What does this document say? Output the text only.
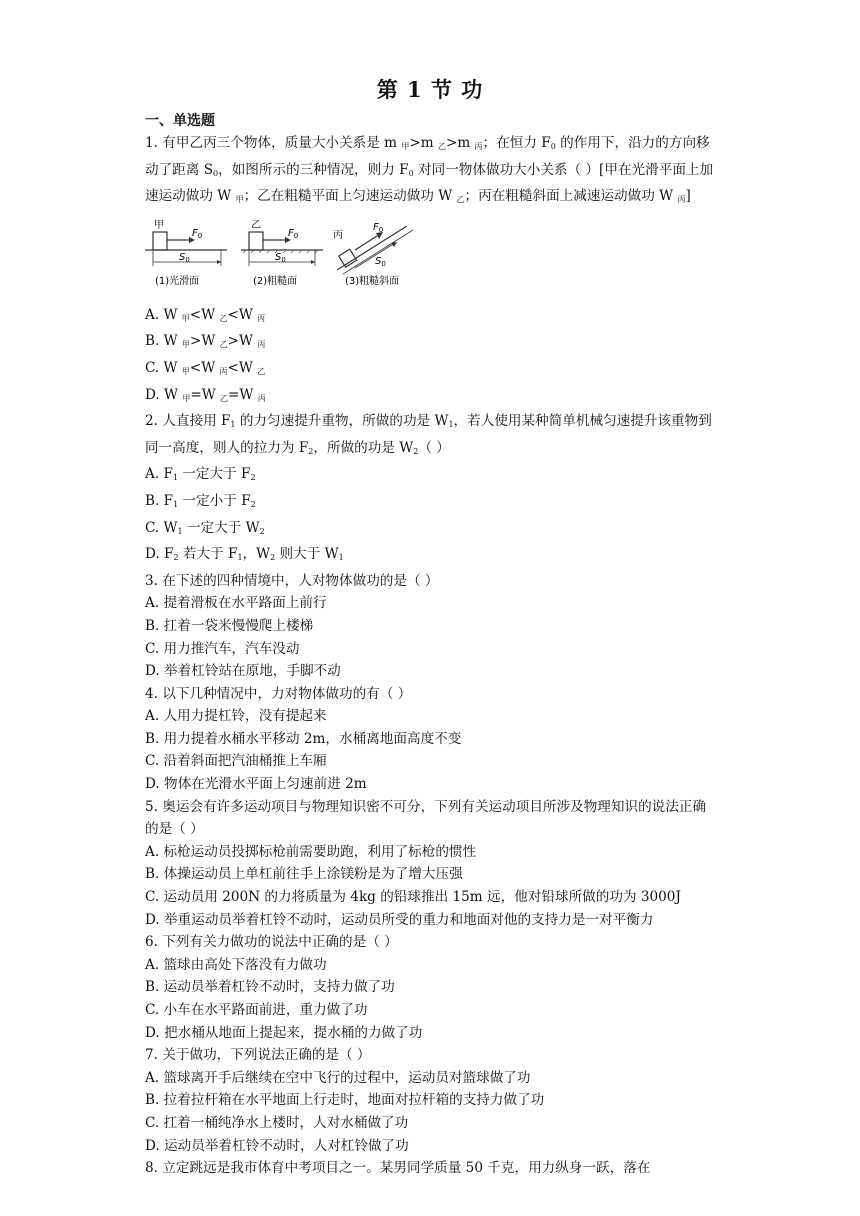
第 1 节 功
一、单选题

1. 有甲乙丙三个物体，质量大小关系是 m $_甲$>m $_乙$>m $_丙$；在恒力 $F_0$ 的作用下，沿力的方向移动了距离 $S_0$，如图所示的三种情况，则力 $F_0$ 对同一物体做功大小关系（ ）[甲在光滑平面上加速运动做功 W $_甲$；乙在粗糙平面上匀速运动做功 W $_乙$；丙在粗糙斜面上减速运动做功 W $_丙$]

甲
$F_0$
$S_0$
(1)光滑面
乙
$F_0$
$S_0$
(2)粗糙面
丙
$F_0$
$S_0$
(3)粗糙斜面

A. W $_甲$<W $_乙$<W $_丙$

B. W $_甲$>W $_乙$>W $_丙$

C. W $_甲$<W $_丙$<W $_乙$

D. W $_甲$=W $_乙$=W $_丙$

2. 人直接用 $F_1$ 的力匀速提升重物，所做的功是 $W_1$，若人使用某种简单机械匀速提升该重物到同一高度，则人的拉力为 $F_2$，所做的功是 $W_2$（ ）

A. $F_1$ 一定大于 $F_2$

B. $F_1$ 一定小于 $F_2$

C. $W_1$ 一定大于 $W_2$

D. $F_2$ 若大于 $F_1$，$W_2$ 则大于 $W_1$

3. 在下述的四种情境中，人对物体做功的是（ ）

A. 提着滑板在水平路面上前行

B. 扛着一袋米慢慢爬上楼梯

C. 用力推汽车，汽车没动

D. 举着杠铃站在原地，手脚不动

4. 以下几种情况中，力对物体做功的有（ ）

A. 人用力提杠铃，没有提起来

B. 用力提着水桶水平移动 2m，水桶离地面高度不变

C. 沿着斜面把汽油桶推上车厢

D. 物体在光滑水平面上匀速前进 2m

5. 奥运会有许多运动项目与物理知识密不可分，下列有关运动项目所涉及物理知识的说法正确的是（ ）

A. 标枪运动员投掷标枪前需要助跑，利用了标枪的惯性

B. 体操运动员上单杠前往手上涂镁粉是为了增大压强

C. 运动员用 200N 的力将质量为 4kg 的铅球推出 15m 远，他对铅球所做的功为 3000J

D. 举重运动员举着杠铃不动时，运动员所受的重力和地面对他的支持力是一对平衡力

6. 下列有关力做功的说法中正确的是（ ）

A. 篮球由高处下落没有力做功

B. 运动员举着杠铃不动时，支持力做了功

C. 小车在水平路面前进，重力做了功

D. 把水桶从地面上提起来，提水桶的力做了功

7. 关于做功，下列说法正确的是（ ）

A. 篮球离开手后继续在空中飞行的过程中，运动员对篮球做了功

B. 拉着拉杆箱在水平地面上行走时，地面对拉杆箱的支持力做了功

C. 扛着一桶纯净水上楼时，人对水桶做了功

D. 运动员举着杠铃不动时，人对杠铃做了功

8. 立定跳远是我市体育中考项目之一。某男同学质量 50 千克，用力纵身一跃，落在
